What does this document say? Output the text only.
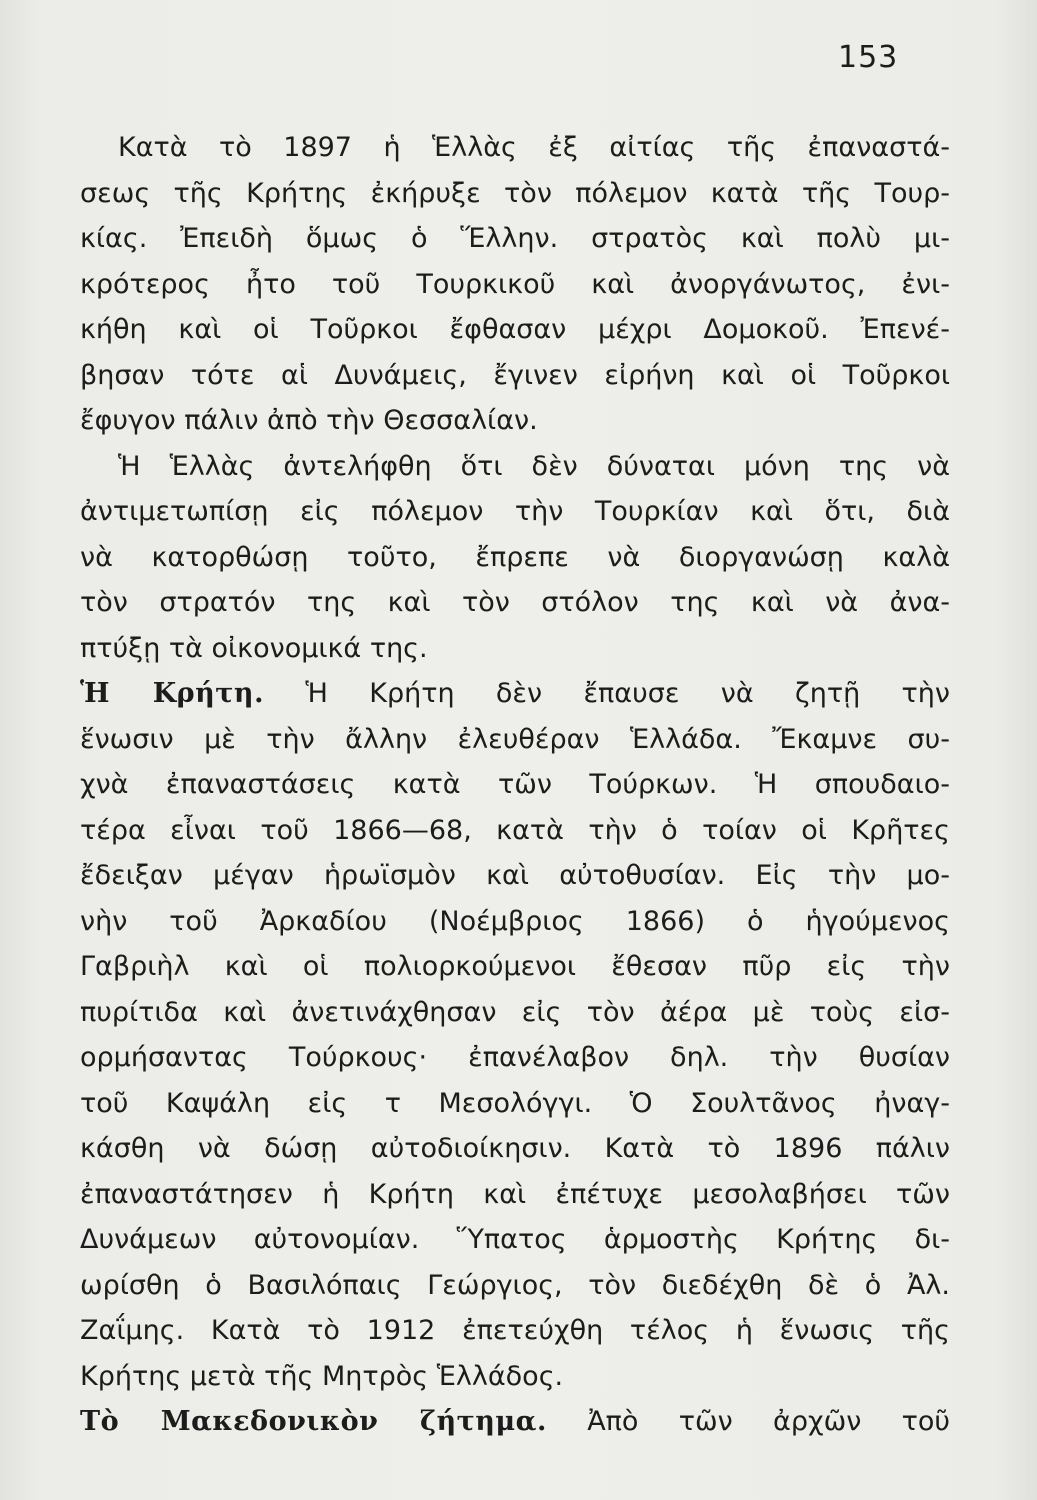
153
Κατὰ τὸ 1897 ἡ Ἑλλὰς ἐξ αἰτίας τῆς ἐπαναστά-
σεως τῆς Κρήτης ἐκήρυξε τὸν πόλεμον κατὰ τῆς Τουρ-
κίας. Ἐπειδὴ ὅμως ὁ Ἕλλην. στρατὸς καὶ πολὺ μι-
κρότερος ἦτο τοῦ Τουρκικοῦ καὶ ἀνοργάνωτος, ἐνι-
κήθη καὶ οἱ Τοῦρκοι ἔφθασαν μέχρι Δομοκοῦ. Ἐπενέ-
βησαν τότε αἱ Δυνάμεις, ἔγινεν εἰρήνη καὶ οἱ Τοῦρκοι
ἔφυγον πάλιν ἀπὸ τὴν Θεσσαλίαν.
Ἡ Ἑλλὰς ἀντελήφθη ὅτι δὲν δύναται μόνη της νὰ
ἀντιμετωπίσῃ εἰς πόλεμον τὴν Τουρκίαν καὶ ὅτι, διὰ
νὰ κατορθώσῃ τοῦτο, ἔπρεπε νὰ διοργανώσῃ καλὰ
τὸν στρατόν της καὶ τὸν στόλον της καὶ νὰ ἀνα-
πτύξῃ τὰ οἰκονομικά της.
Ἡ Κρήτη. Ἡ Κρήτη δὲν ἔπαυσε νὰ ζητῇ τὴν
ἕνωσιν μὲ τὴν ἄλλην ἐλευθέραν Ἑλλάδα. Ἔκαμνε συ-
χνὰ ἐπαναστάσεις κατὰ τῶν Τούρκων. Ἡ σπουδαιο-
τέρα εἶναι τοῦ 1866—68, κατὰ τὴν ὁ τοίαν οἱ Κρῆτες
ἔδειξαν μέγαν ἡρωϊσμὸν καὶ αὐτοθυσίαν. Εἰς τὴν μο-
νὴν τοῦ Ἀρκαδίου (Νοέμβριος 1866) ὁ ἡγούμενος
Γαβριὴλ καὶ οἱ πολιορκούμενοι ἔθεσαν πῦρ εἰς τὴν
πυρίτιδα καὶ ἀνετινάχθησαν εἰς τὸν ἀέρα μὲ τοὺς εἰσ-
ορμήσαντας Τούρκους· ἐπανέλαβον δηλ. τὴν θυσίαν
τοῦ Καψάλη εἰς τ Μεσολόγγι. Ὁ Σουλτᾶνος ἠναγ-
κάσθη νὰ δώσῃ αὐτοδιοίκησιν. Κατὰ τὸ 1896 πάλιν
ἐπαναστάτησεν ἡ Κρήτη καὶ ἐπέτυχε μεσολαβήσει τῶν
Δυνάμεων αὐτονομίαν. Ὕπατος ἁρμοστὴς Κρήτης δι-
ωρίσθη ὁ Βασιλόπαις Γεώργιος, τὸν διεδέχθη δὲ ὁ Ἀλ.
Ζαΐμης. Κατὰ τὸ 1912 ἐπετεύχθη τέλος ἡ ἕνωσις τῆς
Κρήτης μετὰ τῆς Μητρὸς Ἑλλάδος.
Τὸ Μακεδονικὸν ζήτημα. Ἀπὸ τῶν ἀρχῶν τοῦ
